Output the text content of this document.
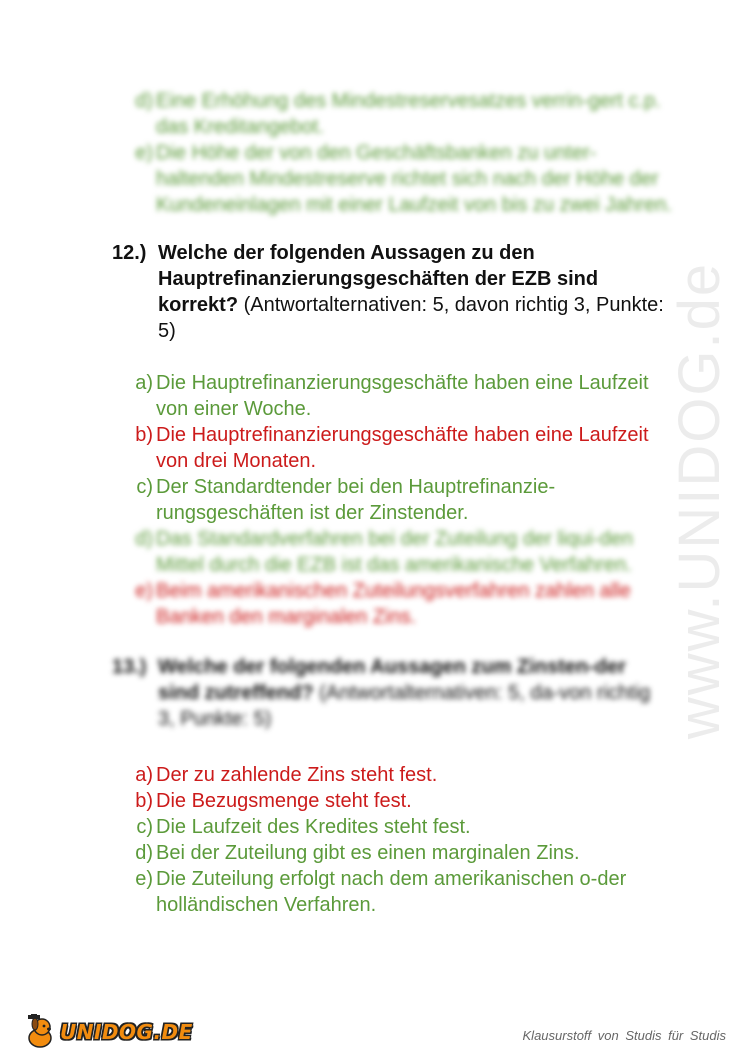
www.UNIDOG.de
d) Eine Erhöhung des Mindestreservesatzes verrin-gert c.p. das Kreditangebot.
e) Die Höhe der von den Geschäftsbanken zu unter-haltenden Mindestreserve richtet sich nach der Höhe der Kundeneinlagen mit einer Laufzeit von bis zu zwei Jahren.
12.) Welche der folgenden Aussagen zu den Hauptrefinanzierungsgeschäften der EZB sind korrekt? (Antwortalternativen: 5, davon richtig 3, Punkte: 5)
a) Die Hauptrefinanzierungsgeschäfte haben eine Laufzeit von einer Woche.
b) Die Hauptrefinanzierungsgeschäfte haben eine Laufzeit von drei Monaten.
c) Der Standardtender bei den Hauptrefinanzie-rungsgeschäften ist der Zinstender.
d) Das Standardverfahren bei der Zuteilung der liqui-den Mittel durch die EZB ist das amerikanische Verfahren.
e) Beim amerikanischen Zuteilungsverfahren zahlen alle Banken den marginalen Zins.
13.) Welche der folgenden Aussagen zum Zinsten-der sind zutreffend? (Antwortalternativen: 5, da-von richtig 3, Punkte: 5)
a) Der zu zahlende Zins steht fest.
b) Die Bezugsmenge steht fest.
c) Die Laufzeit des Kredites steht fest.
d) Bei der Zuteilung gibt es einen marginalen Zins.
e) Die Zuteilung erfolgt nach dem amerikanischen o-der holländischen Verfahren.
UNIDOG.DE	Klausurstoff von Studis für Studis
